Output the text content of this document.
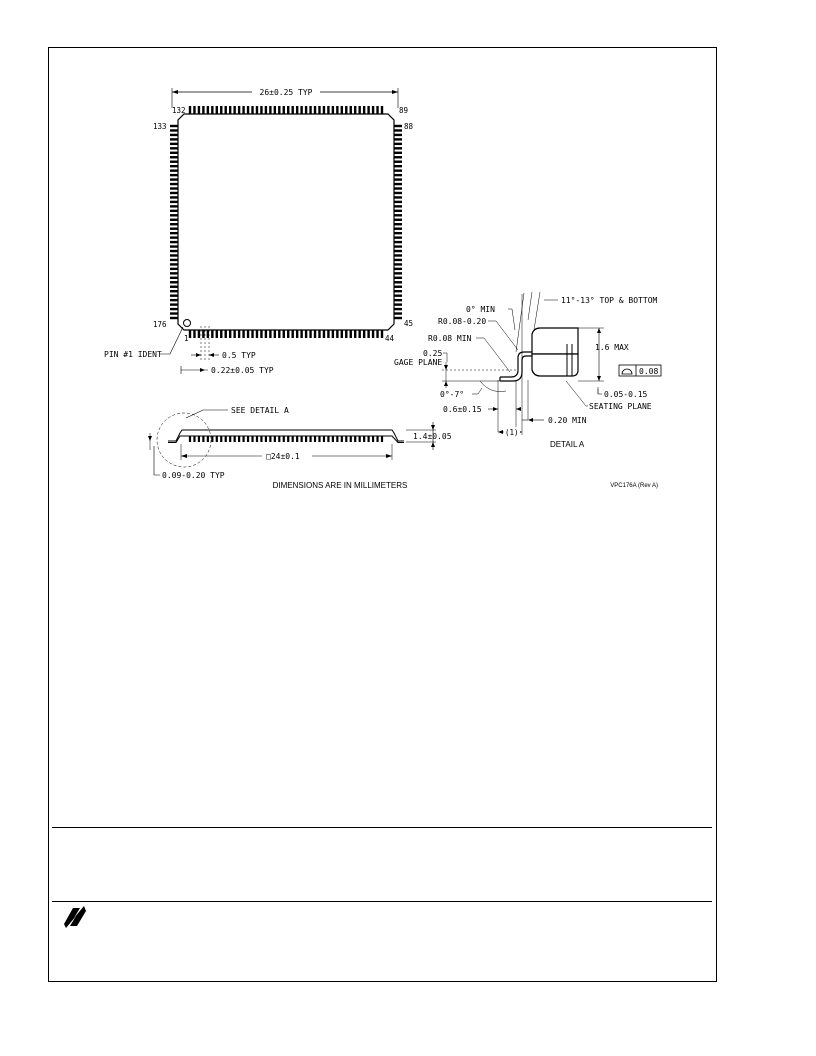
26±0.25 TYP
132	89
88
133
176
1
45
44
0.5 TYP
0.22±0.05 TYP
PIN #1 IDENT
SEE DETAIL A
1.4±0.05
□24±0.1
0.09-0.20 TYP
DIMENSIONS ARE IN MILLIMETERS	VPC176A (Rev A)
0° MIN
11°-13° TOP & BOTTOM
R0.08-0.20
R0.08 MIN
0.25
GAGE PLANE
0°-7°
0.6±0.15
0.20 MIN
(1)
1.6 MAX
0.08
0.05-0.15
SEATING PLANE
DETAIL A
